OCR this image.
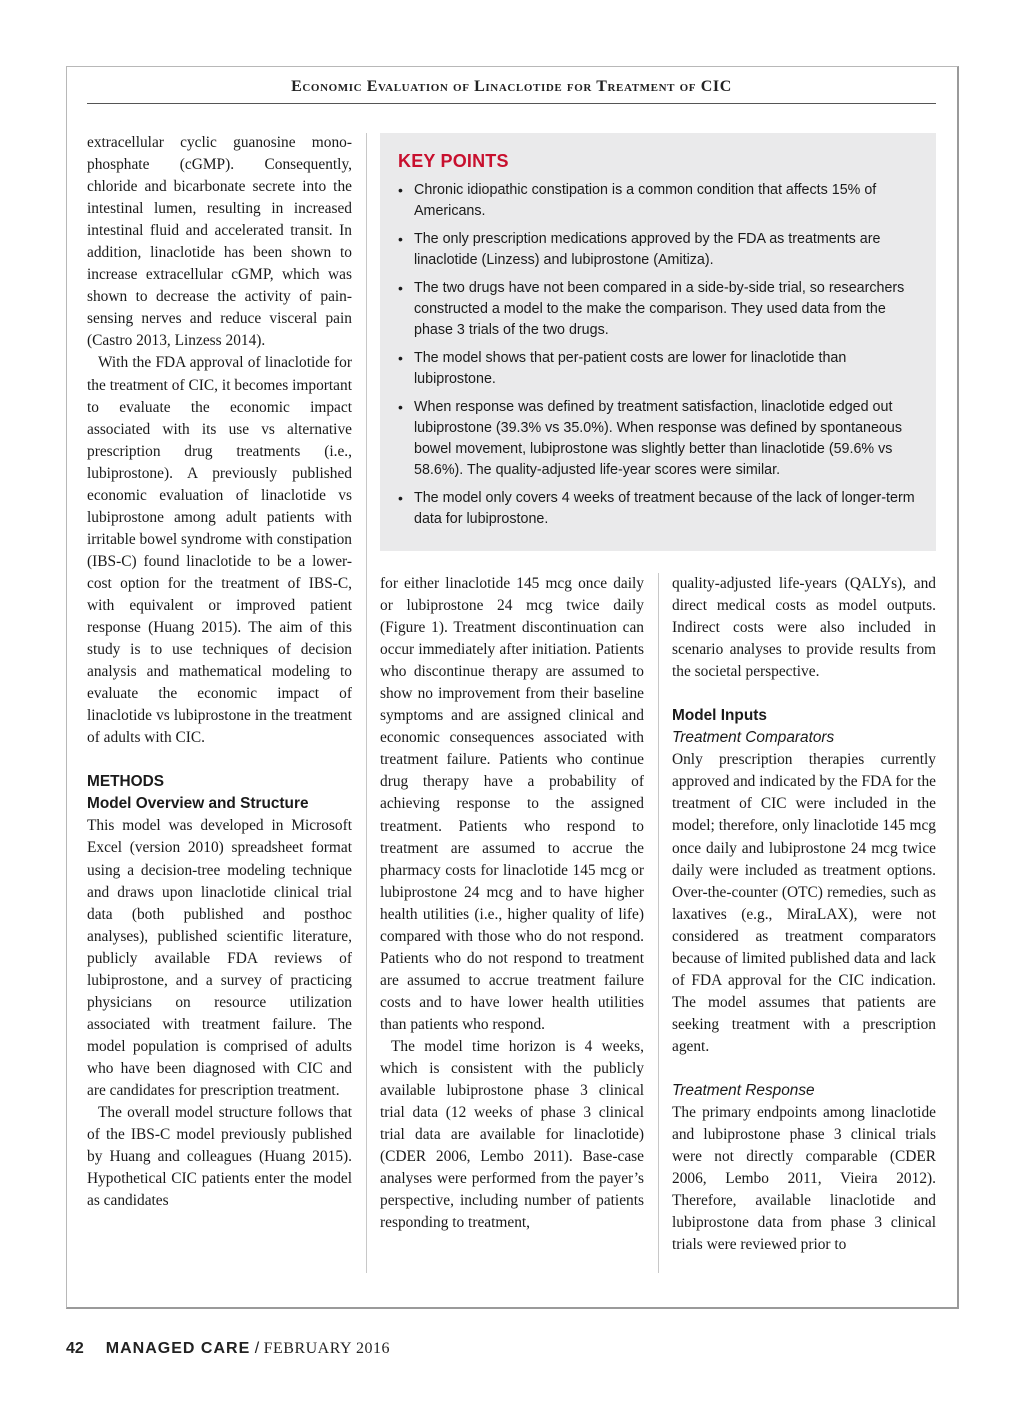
Economic Evaluation of Linaclotide for Treatment of CIC

extracellular cyclic guanosine monophosphate (cGMP). Consequently, chloride and bicarbonate secrete into the intestinal lumen, resulting in increased intestinal fluid and accelerated transit. In addition, linaclotide has been shown to increase extracellular cGMP, which was shown to decrease the activity of pain-sensing nerves and reduce visceral pain (Castro 2013, Linzess 2014).

With the FDA approval of linaclotide for the treatment of CIC, it becomes important to evaluate the economic impact associated with its use vs alternative prescription drug treatments (i.e., lubiprostone). A previously published economic evaluation of linaclotide vs lubiprostone among adult patients with irritable bowel syndrome with constipation (IBS-C) found linaclotide to be a lower-cost option for the treatment of IBS-C, with equivalent or improved patient response (Huang 2015). The aim of this study is to use techniques of decision analysis and mathematical modeling to evaluate the economic impact of linaclotide vs lubiprostone in the treatment of adults with CIC.

METHODS
Model Overview and Structure

This model was developed in Microsoft Excel (version 2010) spreadsheet format using a decision-tree modeling technique and draws upon linaclotide clinical trial data (both published and posthoc analyses), published scientific literature, publicly available FDA reviews of lubiprostone, and a survey of practicing physicians on resource utilization associated with treatment failure. The model population is comprised of adults who have been diagnosed with CIC and are candidates for prescription treatment.

The overall model structure follows that of the IBS-C model previously published by Huang and colleagues (Huang 2015). Hypothetical CIC patients enter the model as candidates

KEY POINTS
• Chronic idiopathic constipation is a common condition that affects 15% of Americans.
• The only prescription medications approved by the FDA as treatments are linaclotide (Linzess) and lubiprostone (Amitiza).
• The two drugs have not been compared in a side-by-side trial, so researchers constructed a model to the make the comparison. They used data from the phase 3 trials of the two drugs.
• The model shows that per-patient costs are lower for linaclotide than lubiprostone.
• When response was defined by treatment satisfaction, linaclotide edged out lubiprostone (39.3% vs 35.0%). When response was defined by spontaneous bowel movement, lubiprostone was slightly better than linaclotide (59.6% vs 58.6%). The quality-adjusted life-year scores were similar.
• The model only covers 4 weeks of treatment because of the lack of longer-term data for lubiprostone.

for either linaclotide 145 mcg once daily or lubiprostone 24 mcg twice daily (Figure 1). Treatment discontinuation can occur immediately after initiation. Patients who discontinue therapy are assumed to show no improvement from their baseline symptoms and are assigned clinical and economic consequences associated with treatment failure. Patients who continue drug therapy have a probability of achieving response to the assigned treatment. Patients who respond to treatment are assumed to accrue the pharmacy costs for linaclotide 145 mcg or lubiprostone 24 mcg and to have higher health utilities (i.e., higher quality of life) compared with those who do not respond. Patients who do not respond to treatment are assumed to accrue treatment failure costs and to have lower health utilities than patients who respond.

The model time horizon is 4 weeks, which is consistent with the publicly available lubiprostone phase 3 clinical trial data (12 weeks of phase 3 clinical trial data are available for linaclotide) (CDER 2006, Lembo 2011). Base-case analyses were performed from the payer’s perspective, including number of patients responding to treatment,

quality-adjusted life-years (QALYs), and direct medical costs as model outputs. Indirect costs were also included in scenario analyses to provide results from the societal perspective.

Model Inputs
Treatment Comparators

Only prescription therapies currently approved and indicated by the FDA for the treatment of CIC were included in the model; therefore, only linaclotide 145 mcg once daily and lubiprostone 24 mcg twice daily were included as treatment options. Over-the-counter (OTC) remedies, such as laxatives (e.g., MiraLAX), were not considered as treatment comparators because of limited published data and lack of FDA approval for the CIC indication. The model assumes that patients are seeking treatment with a prescription agent.

Treatment Response

The primary endpoints among linaclotide and lubiprostone phase 3 clinical trials were not directly comparable (CDER 2006, Lembo 2011, Vieira 2012). Therefore, available linaclotide and lubiprostone data from phase 3 clinical trials were reviewed prior to

42 MANAGED CARE / FEBRUARY 2016
